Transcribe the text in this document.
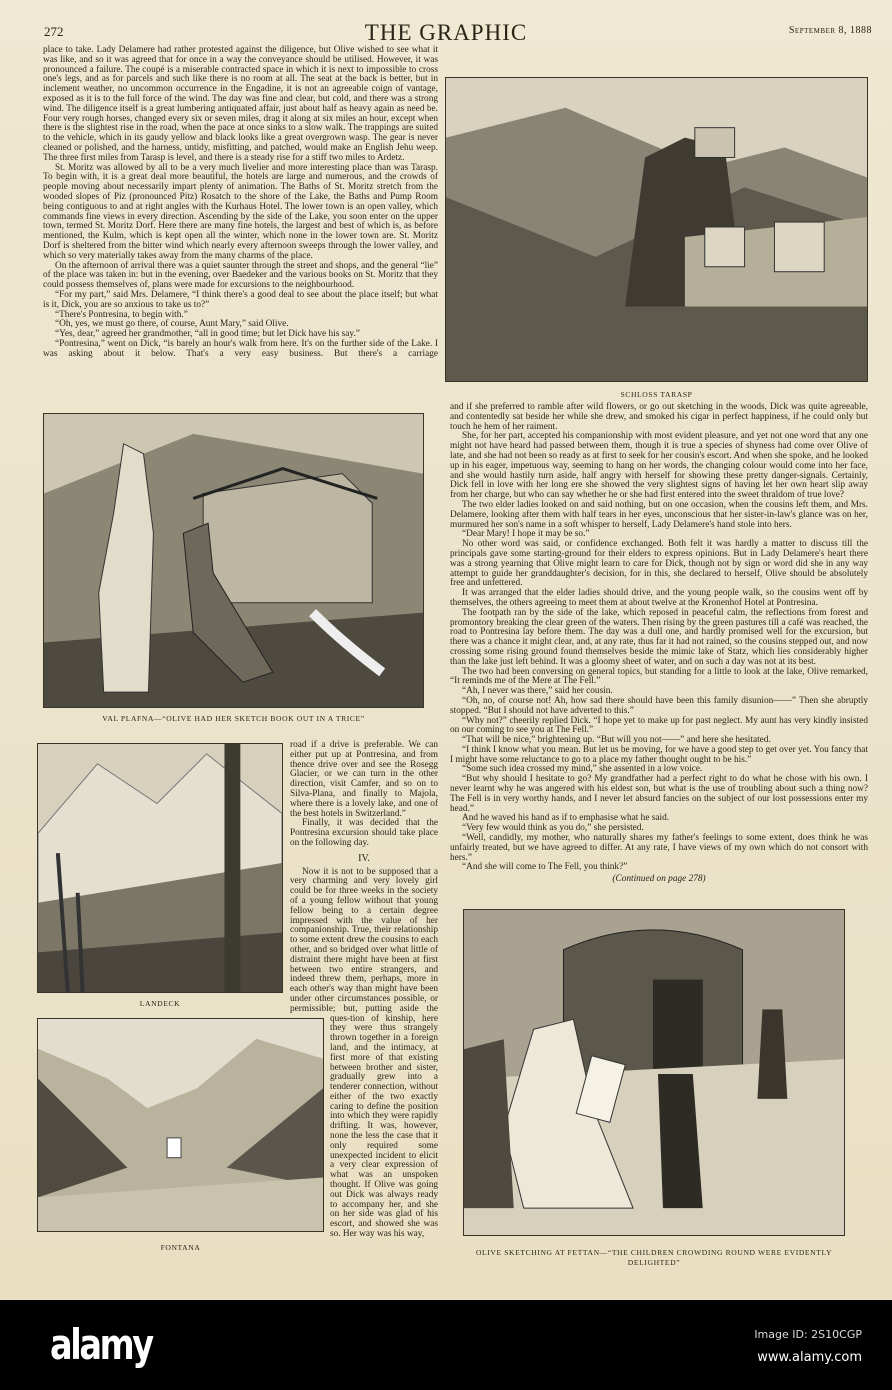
272	THE GRAPHIC	September 8, 1888

place to take. Lady Delamere had rather protested against the diligence, but Olive wished to see what it was like, and so it was agreed that for once in a way the conveyance should be utilised. However, it was pronounced a failure. The coupé is a miserable contracted space in which it is next to impossible to cross one's legs, and as for parcels and such like there is no room at all. The seat at the back is better, but in inclement weather, no uncommon occurrence in the Engadine, it is not an agreeable coign of vantage, exposed as it is to the full force of the wind. The day was fine and clear, but cold, and there was a strong wind. The diligence itself is a great lumbering antiquated affair, just about half as heavy again as need be. Four very rough horses, changed every six or seven miles, drag it along at six miles an hour, except when there is the slightest rise in the road, when the pace at once sinks to a slow walk. The trappings are suited to the vehicle, which in its gaudy yellow and black looks like a great overgrown wasp. The gear is never cleaned or polished, and the harness, untidy, misfitting, and patched, would make an English Jehu weep. The three first miles from Tarasp is level, and there is a steady rise for a stiff two miles to Ardetz.

St. Moritz was allowed by all to be a very much livelier and more interesting place than was Tarasp. To begin with, it is a great deal more beautiful, the hotels are large and numerous, and the crowds of people moving about necessarily impart plenty of animation. The Baths of St. Moritz stretch from the wooded slopes of Piz (pronounced Pitz) Rosatch to the shore of the Lake, the Baths and Pump Room being contiguous to and at right angles with the Kurhaus Hotel. The lower town is an open valley, which commands fine views in every direction. Ascending by the side of the Lake, you soon enter on the upper town, termed St. Moritz Dorf. Here there are many fine hotels, the largest and best of which is, as before mentioned, the Kulm, which is kept open all the winter, which none in the lower town are. St. Moritz Dorf is sheltered from the bitter wind which nearly every afternoon sweeps through the lower valley, and which so very materially takes away from the many charms of the place.

On the afternoon of arrival there was a quiet saunter through the street and shops, and the general “lie” of the place was taken in: but in the evening, over Baedeker and the various books on St. Moritz that they could possess themselves of, plans were made for excursions to the neighbourhood.

“For my part,” said Mrs. Delamere, “I think there's a good deal to see about the place itself; but what is it, Dick, you are so anxious to take us to?”

“There's Pontresina, to begin with.”

“Oh, yes, we must go there, of course, Aunt Mary,” said Olive.

“Yes, dear,” agreed her grandmother, “all in good time; but let Dick have his say.”

“Pontresina,” went on Dick, “is barely an hour's walk from here. It's on the further side of the Lake. I was asking about it below. That's a very easy business. But there's a carriage

SCHLOSS TARASP

and if she preferred to ramble after wild flowers, or go out sketching in the woods, Dick was quite agreeable, and contentedly sat beside her while she drew, and smoked his cigar in perfect happiness, if he could only but touch he hem of her raiment.

She, for her part, accepted his companionship with most evident pleasure, and yet not one word that any one might not have heard had passed between them, though it is true a species of shyness had come over Olive of late, and she had not been so ready as at first to seek for her cousin's escort. And when she spoke, and he looked up in his eager, impetuous way, seeming to hang on her words, the changing colour would come into her face, and she would hastily turn aside, half angry with herself for showing these pretty danger-signals. Certainly, Dick fell in love with her long ere she showed the very slightest signs of having let her own heart slip away from her charge, but who can say whether he or she had first entered into the sweet thraldom of true love?

The two elder ladies looked on and said nothing, but on one occasion, when the cousins left them, and Mrs. Delamere, looking after them with half tears in her eyes, unconscious that her sister-in-law's glance was on her, murmured her son's name in a soft whisper to herself, Lady Delamere's hand stole into hers.

“Dear Mary! I hope it may be so.”

No other word was said, or confidence exchanged. Both felt it was hardly a matter to discuss till the principals gave some starting-ground for their elders to express opinions. But in Lady Delamere's heart there was a strong yearning that Olive might learn to care for Dick, though not by sign or word did she in any way attempt to guide her granddaughter's decision, for in this, she declared to herself, Olive should be absolutely free and unfettered.

It was arranged that the elder ladies should drive, and the young people walk, so the cousins went off by themselves, the others agreeing to meet them at about twelve at the Kronenhof Hotel at Pontresina.

The footpath ran by the side of the lake, which reposed in peaceful calm, the reflections from forest and promontory breaking the clear green of the waters. Then rising by the green pastures till a café was reached, the road to Pontresina lay before them. The day was a dull one, and hardly promised well for the excursion, but there was a chance it might clear, and, at any rate, thus far it had not rained, so the cousins stepped out, and now crossing some rising ground found themselves beside the mimic lake of Statz, which lies considerably higher than the lake just left behind. It was a gloomy sheet of water, and on such a day was not at its best.

The two had been conversing on general topics, but standing for a little to look at the lake, Olive remarked, “It reminds me of the Mere at The Fell.”

“Ah, I never was there,” said her cousin.

“Oh, no, of course not! Ah, how sad there should have been this family disunion——” Then she abruptly stopped. “But I should not have adverted to this.”

“Why not?” cheerily replied Dick. “I hope yet to make up for past neglect. My aunt has very kindly insisted on our coming to see you at The Fell.”

“That will be nice,” brightening up. “But will you not——” and here she hesitated.

“I think I know what you mean. But let us be moving, for we have a good step to get over yet. You fancy that I might have some reluctance to go to a place my father thought ought to be his.”

“Some such idea crossed my mind,” she assented in a low voice.

“But why should I hesitate to go? My grandfather had a perfect right to do what he chose with his own. I never learnt why he was angered with his eldest son, but what is the use of troubling about such a thing now? The Fell is in very worthy hands, and I never let absurd fancies on the subject of our lost possessions enter my head.”

And he waved his hand as if to emphasise what he said.

“Very few would think as you do,” she persisted.

“Well, candidly, my mother, who naturally shares my father's feelings to some extent, does think he was unfairly treated, but we have agreed to differ. At any rate, I have views of my own which do not consort with hers.”

“And she will come to The Fell, you think?”

(Continued on page 278)
VAL PLAFNA—“OLIVE HAD HER SKETCH BOOK OUT IN A TRICE”
LANDECK
FONTANA

road if a drive is preferable. We can either put up at Pontresina, and from thence drive over and see the Rosegg Glacier, or we can turn in the other direction, visit Camfer, and so on to Silva-Plana, and finally to Majola, where there is a lovely lake, and one of the best hotels in Switzerland.”

Finally, it was decided that the Pontresina excursion should take place on the following day.

IV.

Now it is not to be supposed that a very charming and very lovely girl could be for three weeks in the society of a young fellow without that young fellow being to a certain degree impressed with the value of her companionship. True, their relationship to some extent drew the cousins to each other, and so bridged over what little of distraint there might have been at first between two entire strangers, and indeed threw them, perhaps, more in each other's way than might have been under other circumstances possible, or permissible; but, putting aside the ques-tion of kinship, here they were thus strangely thrown together in a foreign land, and the intimacy, at first more of that existing between brother and sister, gradually grew into a tenderer connection, without either of the two exactly caring to define the position into which they were rapidly drifting. It was, however, none the less the case that it only required some unexpected incident to elicit a very clear expression of what was an unspoken thought. If Olive was going out Dick was always ready to accompany her, and she on her side was glad of his escort, and showed she was so. Her way was his way,

OLIVE SKETCHING AT FETTAN—“THE CHILDREN CROWDING ROUND WERE EVIDENTLY DELIGHTED”
alamy	Image ID: 2S10CGP
www.alamy.com
